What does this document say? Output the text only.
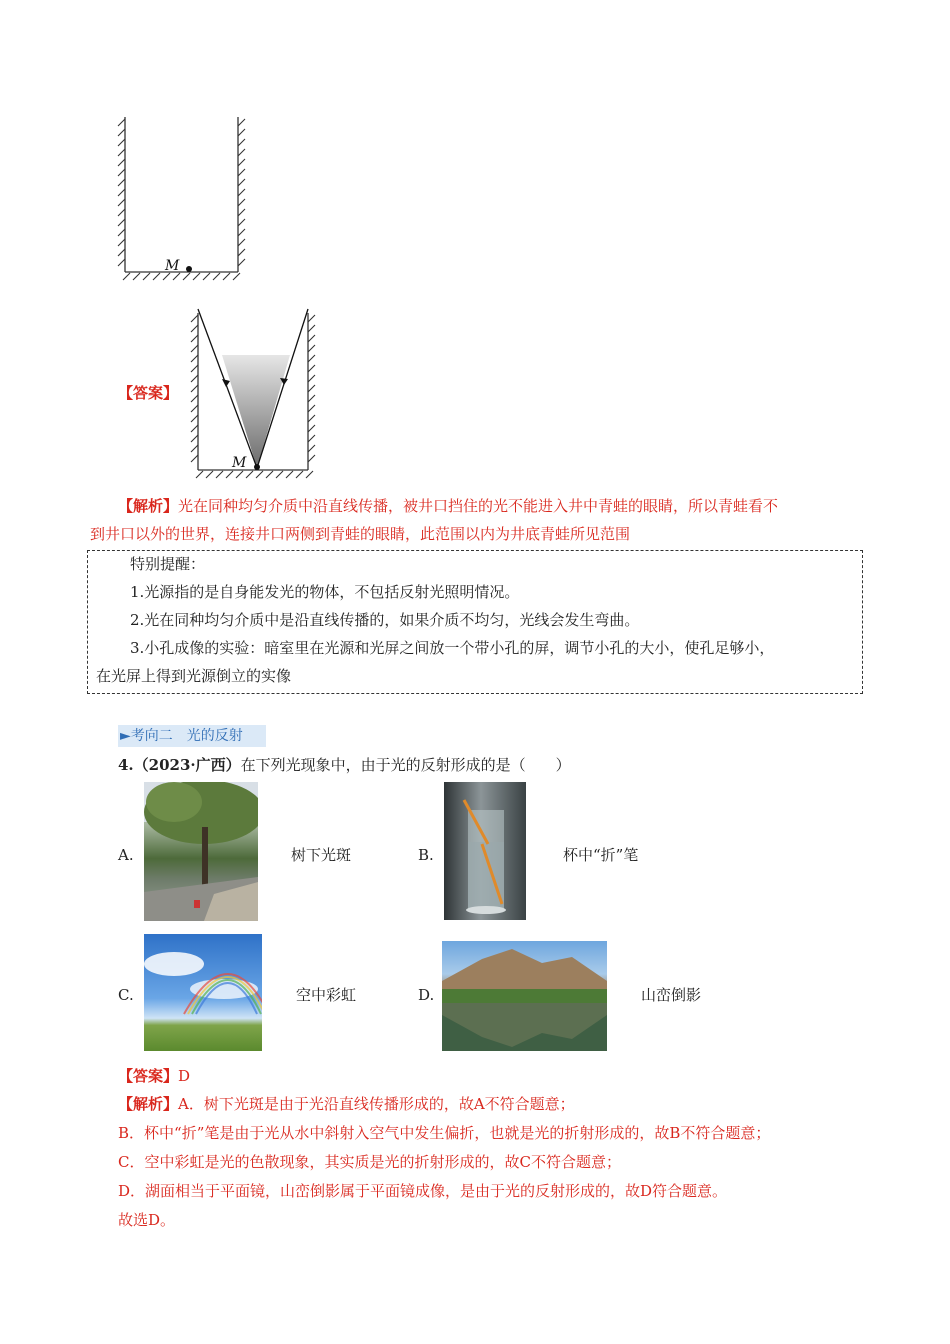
M
M
【答案】
【解析】光在同种均匀介质中沿直线传播，被井口挡住的光不能进入井中青蛙的眼睛，所以青蛙看不
到井口以外的世界，连接井口两侧到青蛙的眼睛，此范围以内为井底青蛙所见范围
特别提醒：
1.光源指的是自身能发光的物体，不包括反射光照明情况。
2.光在同种均匀介质中是沿直线传播的，如果介质不均匀，光线会发生弯曲。
3.小孔成像的实验：暗室里在光源和光屏之间放一个带小孔的屏，调节小孔的大小，使孔足够小，
在光屏上得到光源倒立的实像
►考向二　光的反射
4.（2023·广西）在下列光现象中，由于光的反射形成的是（　　）
A.	树下光斑	B.	杯中“折”笔
C.	空中彩虹	D.	山峦倒影
【答案】D
【解析】A．树下光斑是由于光沿直线传播形成的，故A不符合题意；
B．杯中“折”笔是由于光从水中斜射入空气中发生偏折，也就是光的折射形成的，故B不符合题意；
C．空中彩虹是光的色散现象，其实质是光的折射形成的，故C不符合题意；
D．湖面相当于平面镜，山峦倒影属于平面镜成像，是由于光的反射形成的，故D符合题意。
故选D。
